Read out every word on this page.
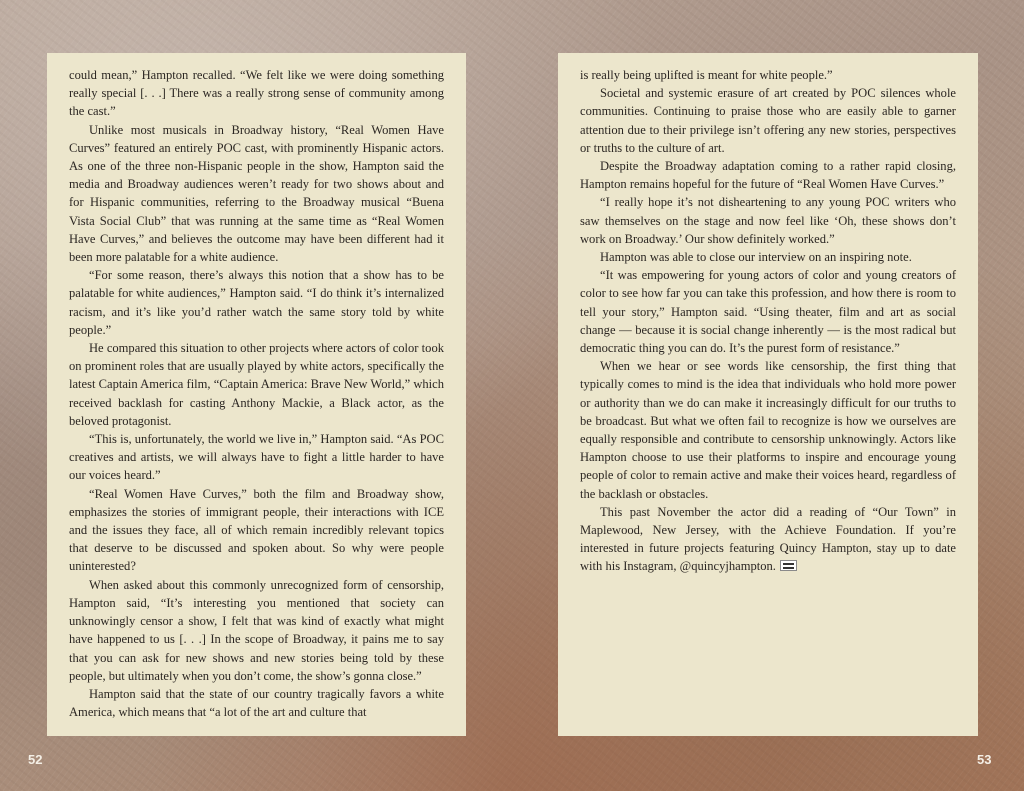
could mean,” Hampton recalled. “We felt like we were doing something really special [. . .] There was a really strong sense of community among the cast.”

Unlike most musicals in Broadway history, “Real Women Have Curves” featured an entirely POC cast, with prominently Hispanic actors. As one of the three non-Hispanic people in the show, Hampton said the media and Broadway audiences weren’t ready for two shows about and for Hispanic communities, referring to the Broadway musical “Buena Vista Social Club” that was running at the same time as “Real Women Have Curves,” and believes the outcome may have been different had it been more palatable for a white audience.

“For some reason, there’s always this notion that a show has to be palatable for white audiences,” Hampton said. “I do think it’s internalized racism, and it’s like you’d rather watch the same story told by white people.”

He compared this situation to other projects where actors of color took on prominent roles that are usually played by white actors, specifically the latest Captain America film, “Captain America: Brave New World,” which received backlash for casting Anthony Mackie, a Black actor, as the beloved protagonist.

“This is, unfortunately, the world we live in,” Hampton said. “As POC creatives and artists, we will always have to fight a little harder to have our voices heard.”

“Real Women Have Curves,” both the film and Broadway show, emphasizes the stories of immigrant people, their interactions with ICE and the issues they face, all of which remain incredibly relevant topics that deserve to be discussed and spoken about. So why were people uninterested?

When asked about this commonly unrecognized form of censorship, Hampton said, “It’s interesting you mentioned that society can unknowingly censor a show, I felt that was kind of exactly what might have happened to us [. . .] In the scope of Broadway, it pains me to say that you can ask for new shows and new stories being told by these people, but ultimately when you don’t come, the show’s gonna close.”

Hampton said that the state of our country tragically favors a white America, which means that “a lot of the art and culture that

is really being uplifted is meant for white people.”

Societal and systemic erasure of art created by POC silences whole communities. Continuing to praise those who are easily able to garner attention due to their privilege isn’t offering any new stories, perspectives or truths to the culture of art.

Despite the Broadway adaptation coming to a rather rapid closing, Hampton remains hopeful for the future of “Real Women Have Curves.”

“I really hope it’s not disheartening to any young POC writers who saw themselves on the stage and now feel like ‘Oh, these shows don’t work on Broadway.’ Our show definitely worked.”

Hampton was able to close our interview on an inspiring note.

“It was empowering for young actors of color and young creators of color to see how far you can take this profession, and how there is room to tell your story,” Hampton said. “Using theater, film and art as social change — because it is social change inherently — is the most radical but democratic thing you can do. It’s the purest form of resistance.”

When we hear or see words like censorship, the first thing that typically comes to mind is the idea that individuals who hold more power or authority than we do can make it increasingly difficult for our truths to be broadcast. But what we often fail to recognize is how we ourselves are equally responsible and contribute to censorship unknowingly. Actors like Hampton choose to use their platforms to inspire and encourage young people of color to remain active and make their voices heard, regardless of the backlash or obstacles.

This past November the actor did a reading of “Our Town” in Maplewood, New Jersey, with the Achieve Foundation. If you’re interested in future projects featuring Quincy Hampton, stay up to date with his Instagram, @quincyjhampton.

52	53
